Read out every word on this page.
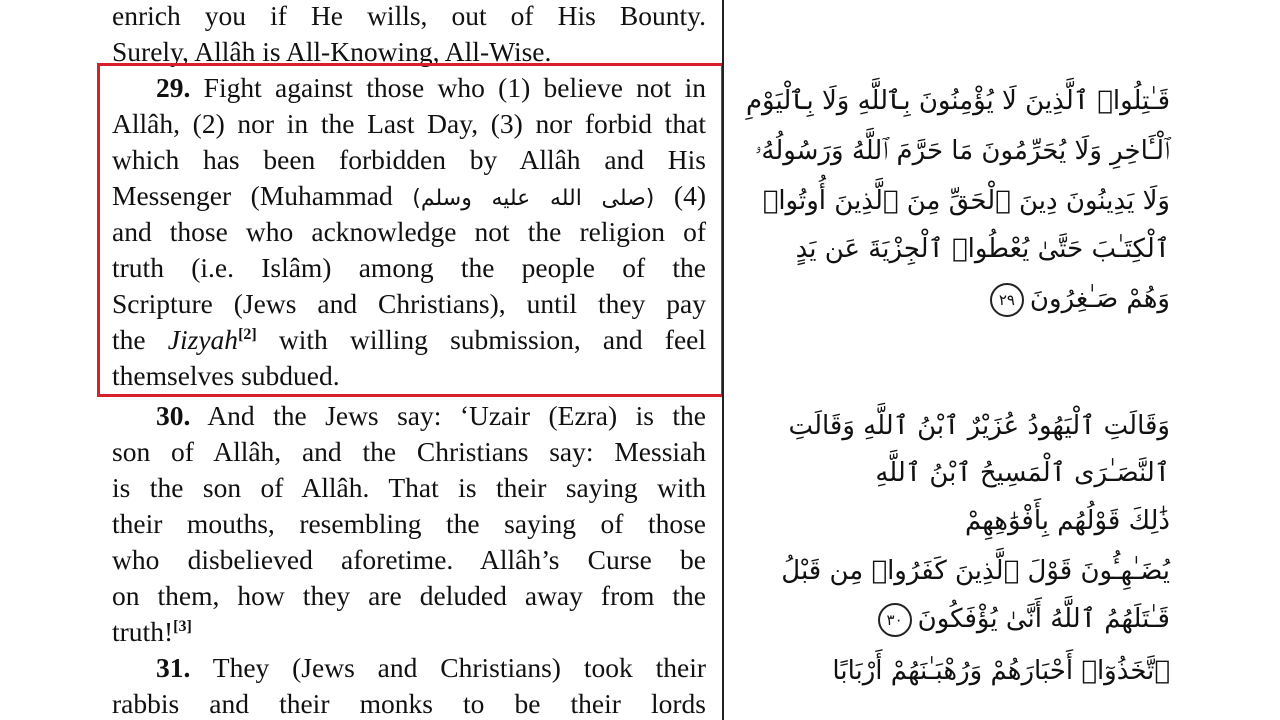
enrich you if He wills, out of His Bounty.
Surely, Allâh is All-Knowing, All-Wise.
29. Fight against those who (1) believe not in
Allâh, (2) nor in the Last Day, (3) nor forbid that
which has been forbidden by Allâh and His
Messenger (Muhammad (صلى الله عليه وسلم) (4)
and those who acknowledge not the religion of
truth (i.e. Islâm) among the people of the
Scripture (Jews and Christians), until they pay
the Jizyah[2] with willing submission, and feel
themselves subdued.
30. And the Jews say: ‘Uzair (Ezra) is the
son of Allâh, and the Christians say: Messiah
is the son of Allâh. That is their saying with
their mouths, resembling the saying of those
who disbelieved aforetime. Allâh’s Curse be
on them, how they are deluded away from the
truth![3]
31. They (Jews and Christians) took their
rabbis and their monks to be their lords
قَـٰتِلُوا۟ ٱلَّذِينَ لَا يُؤْمِنُونَ بِٱللَّهِ وَلَا بِٱلْيَوْمِ
ٱلْـَٔاخِرِ وَلَا يُحَرِّمُونَ مَا حَرَّمَ ٱللَّهُ وَرَسُولُهُۥ
وَلَا يَدِينُونَ دِينَ ٱلْحَقِّ مِنَ ٱلَّذِينَ أُوتُوا۟
ٱلْكِتَـٰبَ حَتَّىٰ يُعْطُوا۟ ٱلْجِزْيَةَ عَن يَدٍ
وَهُمْ صَـٰغِرُونَ٢٩
وَقَالَتِ ٱلْيَهُودُ عُزَيْرٌ ٱبْنُ ٱللَّهِ وَقَالَتِ
ٱلنَّصَـٰرَى ٱلْمَسِيحُ ٱبْنُ ٱللَّهِ
ذَٰلِكَ قَوْلُهُم بِأَفْوَٰهِهِمْ
يُضَـٰهِـُٔونَ قَوْلَ ٱلَّذِينَ كَفَرُوا۟ مِن قَبْلُ
قَـٰتَلَهُمُ ٱللَّهُ أَنَّىٰ يُؤْفَكُونَ٣٠
ٱتَّخَذُوٓا۟ أَحْبَارَهُمْ وَرُهْبَـٰنَهُمْ أَرْبَابًا
